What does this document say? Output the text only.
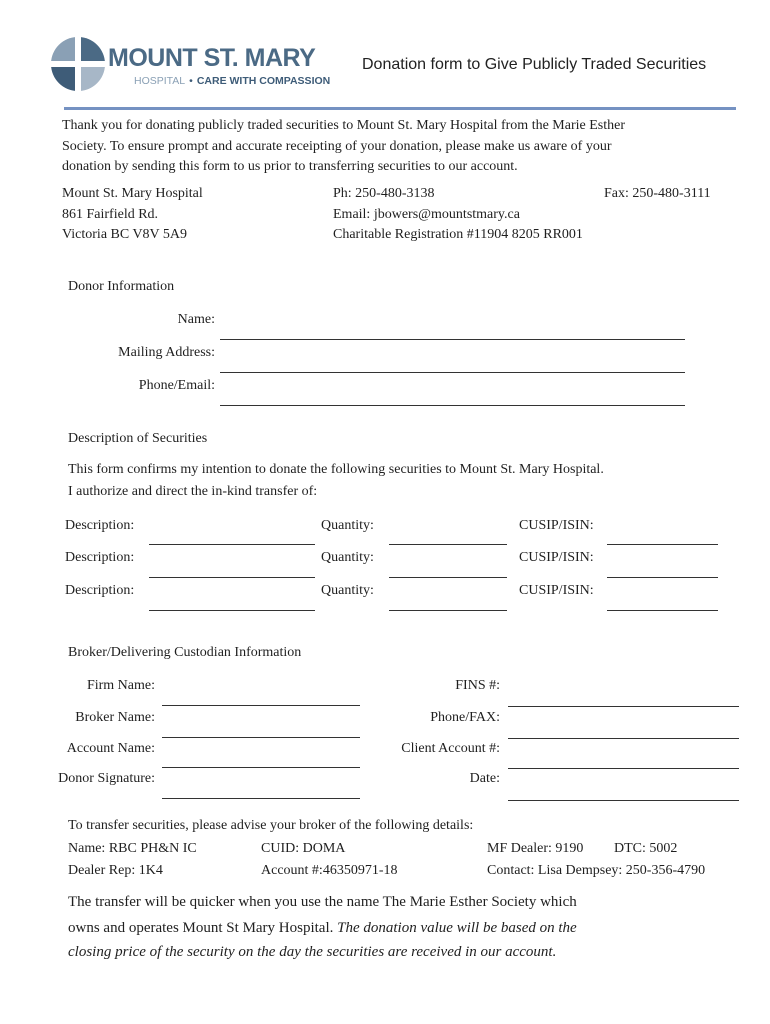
MOUNT ST. MARY
HOSPITAL • CARE WITH COMPASSION
Donation form to Give Publicly Traded Securities
Thank you for donating publicly traded securities to Mount St. Mary Hospital from the Marie Esther
Society. To ensure prompt and accurate receipting of your donation, please make us aware of your
donation by sending this form to us prior to transferring securities to our account.
Mount St. Mary Hospital
861 Fairfield Rd.
Victoria BC V8V 5A9
Ph: 250-480-3138
Email: jbowers@mountstmary.ca
Charitable Registration #11904 8205 RR001
Fax: 250-480-3111
Donor Information
Name:
Mailing Address:
Phone/Email:
Description of Securities
This form confirms my intention to donate the following securities to Mount St. Mary Hospital.
I authorize and direct the in-kind transfer of:
Description:	Quantity:	CUSIP/ISIN:
Description:	Quantity:	CUSIP/ISIN:
Description:	Quantity:	CUSIP/ISIN:
Broker/Delivering Custodian Information
Firm Name:
Broker Name:
Account Name:
Donor Signature:
FINS #:
Phone/FAX:
Client Account #:
Date:
To transfer securities, please advise your broker of the following details:
Name: RBC PH&N IC	CUID: DOMA	MF Dealer: 9190 DTC: 5002
Dealer Rep: 1K4	Account #:46350971-18	Contact: Lisa Dempsey: 250-356-4790
The transfer will be quicker when you use the name The Marie Esther Society which
owns and operates Mount St Mary Hospital. The donation value will be based on the
closing price of the security on the day the securities are received in our account.
